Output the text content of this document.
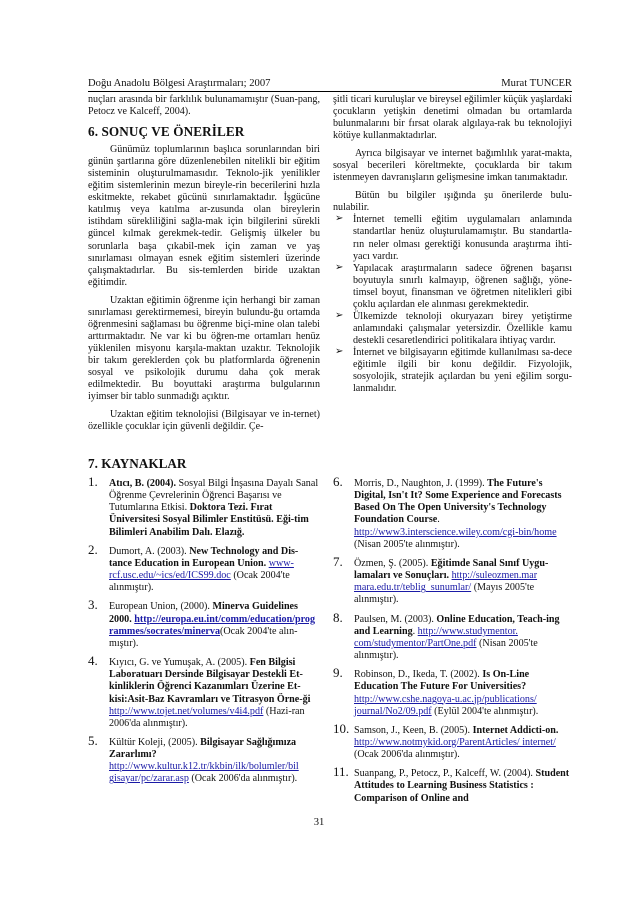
Doğu Anadolu Bölgesi Araştırmaları; 2007	Murat TUNCER

nuçları arasında bir farklılık bulunamamıştır (Suan-pang, Petocz ve Kalceff, 2004).

6. SONUÇ VE ÖNERİLER

Günümüz toplumlarının başlıca sorunlarından biri günün şartlarına göre düzenlenebilen nitelikli bir eğitim sisteminin oluşturulmamasıdır. Teknolo-jik yenilikler eğitim sistemlerinin mezun bireyle-rin becerilerini hızla eskitmekte, rekabet gücünü sınırlamaktadır. İşgücüne katılmış veya katılma ar-zusunda olan bireylerin istihdam sürekliliğini sağla-mak için bilgilerini sürekli güncel kılmak gerekmek-tedir. Gelişmiş ülkeler bu sorunlarla başa çıkabil-mek için zaman ve yaş sınırlaması olmayan esnek eğitim sistemleri üzerinde çalışmaktadırlar. Bu sis-temlerden biride uzaktan eğitimdir.

Uzaktan eğitimin öğrenme için herhangi bir zaman sınırlaması gerektirmemesi, bireyin bulundu-ğu ortamda öğrenmesini sağlaması bu öğrenme biçi-mine olan talebi arttırmaktadır. Ne var ki bu öğren-me ortamları henüz yüklenilen misyonu karşıla-maktan uzaktır. Teknolojik bir takım gereklerden çok bu platformlarda öğrenenin sosyal ve psikolojik durumu daha çok merak edilmektedir. Bu boyuttaki araştırma bulgularının iyimser bir tablo sunmadığı açıktır.

Uzaktan eğitim teknolojisi (Bilgisayar ve in-ternet) özellikle çocuklar için güvenli değildir. Çe-

şitli ticari kuruluşlar ve bireysel eğilimler küçük yaşlardaki çocukların yetişkin denetimi olmadan bu ortamlarda bulunmalarını bir fırsat olarak algılaya-rak bu teknolojiyi kötüye kullanmaktadırlar.

Ayrıca bilgisayar ve internet bağımlılık yarat-makta, sosyal becerileri köreltmekte, çocuklarda bir takım istenmeyen davranışların gelişmesine imkan tanımaktadır.

Bütün bu bilgiler ışığında şu önerilerde bulu-nulabilir.

➢ İnternet temelli eğitim uygulamaları anlamında standartlar henüz oluşturulamamıştır. Bu standartla-rın neler olması gerektiği konusunda araştırma ihti-yacı vardır.
➢ Yapılacak araştırmaların sadece öğrenen başarısı boyutuyla sınırlı kalmayıp, öğrenen sağlığı, yöne-timsel boyut, finansman ve öğretmen nitelikleri gibi çoklu açılardan ele alınması gerekmektedir.
➢ Ülkemizde teknoloji okuryazarı birey yetiştirme anlamındaki çalışmalar yetersizdir. Özellikle kamu destekli cesaretlendirici politikalara ihtiyaç vardır.
➢ İnternet ve bilgisayarın eğitimde kullanılması sa-dece eğitimle ilgili bir konu değildir. Fizyolojik, sosyolojik, stratejik açılardan bu yeni eğilim sorgu-lanmalıdır.
7. KAYNAKLAR
1. Atıcı, B. (2004). Sosyal Bilgi İnşasına Dayalı Sanal Öğrenme Çevrelerinin Öğrenci Başarısı ve Tutumlarına Etkisi. Doktora Tezi. Fırat Üniversitesi Sosyal Bilimler Enstitüsü. Eği-tim Bilimleri Anabilim Dalı. Elazığ.
2. Dumort, A. (2003). New Technology and Dis-tance Education in European Union. www-rcf.usc.edu/~ics/ed/ICS99.doc (Ocak 2004'te alınmıştır).
3. European Union, (2000). Minerva Guidelines 2000. http://europa.eu.int/comm/education/prog rammes/socrates/minerva(Ocak 2004'te alın-mıştır).
4. Kıyıcı, G. ve Yumuşak, A. (2005). Fen Bilgisi Laboratuarı Dersinde Bilgisayar Destekli Et-kinliklerin Öğrenci Kazanımları Üzerine Et-kisi:Asit-Baz Kavramları ve Titrasyon Örne-ği http://www.tojet.net/volumes/v4i4.pdf (Hazi-ran 2006'da alınmıştır).
5. Kültür Koleji, (2005). Bilgisayar Sağlığımıza Zararlımı? http://www.kultur.k12.tr/kkbin/ilk/bolumler/bil gisayar/pc/zarar.asp (Ocak 2006'da alınmıştır).
6. Morris, D., Naughton, J. (1999). The Future's Digital, Isn't It? Some Experience and Forecasts Based On The Open University's Technology Foundation Course. http://www3.interscience.wiley.com/cgi-bin/home (Nisan 2005'te alınmıştır).
7. Özmen, Ş. (2005). Eğitimde Sanal Sınıf Uygu-lamaları ve Sonuçları. http://suleozmen.mar mara.edu.tr/teblig_sunumlar/ (Mayıs 2005'te alınmıştır).
8. Paulsen, M. (2003). Online Education, Teach-ing and Learning. http://www.studymentor. com/studymentor/PartOne.pdf (Nisan 2005'te alınmıştır).
9. Robinson, D., Ikeda, T. (2002). Is On-Line Education The Future For Universities? http://www.cshe.nagoya-u.ac.jp/publications/ journal/No2/09.pdf (Eylül 2004'te alınmıştır).
10. Samson, J., Keen, B. (2005). Internet Addicti-on. http://www.notmykid.org/ParentArticles/ internet/ (Ocak 2006'da alınmıştır).
11. Suanpang, P., Petocz, P., Kalceff, W. (2004). Student Attitudes to Learning Business Statistics : Comparison of Online and
31
